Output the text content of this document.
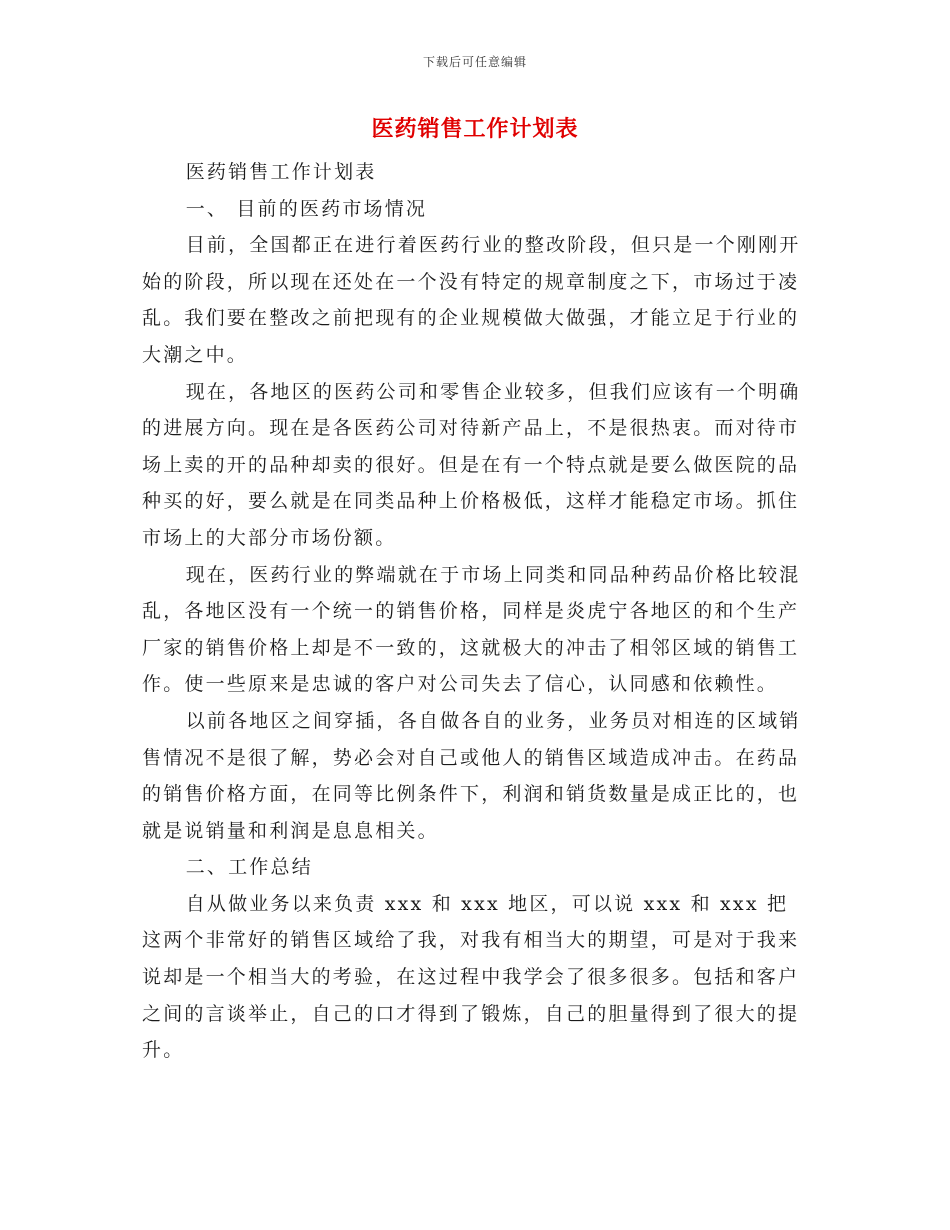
下载后可任意编辑
医药销售工作计划表

医药销售工作计划表

一、 目前的医药市场情况

目前，全国都正在进行着医药行业的整改阶段，但只是一个刚刚开始的阶段，所以现在还处在一个没有特定的规章制度之下，市场过于凌乱。我们要在整改之前把现有的企业规模做大做强，才能立足于行业的大潮之中。

现在，各地区的医药公司和零售企业较多，但我们应该有一个明确的进展方向。现在是各医药公司对待新产品上，不是很热衷。而对待市场上卖的开的品种却卖的很好。但是在有一个特点就是要么做医院的品种买的好，要么就是在同类品种上价格极低，这样才能稳定市场。抓住市场上的大部分市场份额。

现在，医药行业的弊端就在于市场上同类和同品种药品价格比较混乱，各地区没有一个统一的销售价格，同样是炎虎宁各地区的和个生产厂家的销售价格上却是不一致的，这就极大的冲击了相邻区域的销售工作。使一些原来是忠诚的客户对公司失去了信心，认同感和依赖性。

以前各地区之间穿插，各自做各自的业务，业务员对相连的区域销售情况不是很了解，势必会对自己或他人的销售区域造成冲击。在药品的销售价格方面，在同等比例条件下，利润和销货数量是成正比的，也就是说销量和利润是息息相关。

二、工作总结

自从做业务以来负责 xxx 和 xxx 地区，可以说 xxx 和 xxx 把这两个非常好的销售区域给了我，对我有相当大的期望，可是对于我来说却是一个相当大的考验，在这过程中我学会了很多很多。包括和客户之间的言谈举止，自己的口才得到了锻炼，自己的胆量得到了很大的提升。
